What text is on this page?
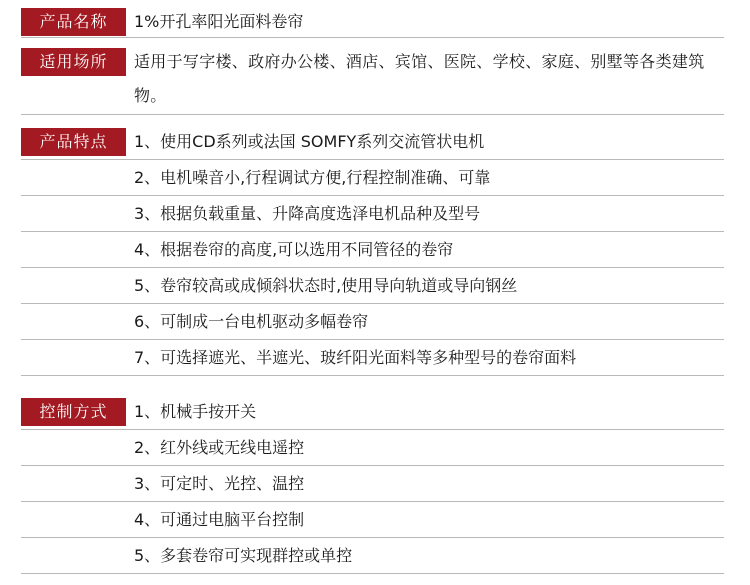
产品名称	1%开孔率阳光面料卷帘
适用场所	适用于写字楼、政府办公楼、酒店、宾馆、医院、学校、家庭、别墅等各类建筑物。
产品特点	1、使用CD系列或法国 SOMFY系列交流管状电机
2、电机噪音小,行程调试方便,行程控制准确、可靠
3、根据负载重量、升降高度选泽电机品种及型号
4、根据卷帘的高度,可以选用不同管径的卷帘
5、卷帘较高或成倾斜状态时,使用导向轨道或导向钢丝
6、可制成一台电机驱动多幅卷帘
7、可选择遮光、半遮光、玻纤阳光面料等多种型号的卷帘面料
控制方式	1、机械手按开关
2、红外线或无线电遥控
3、可定时、光控、温控
4、可通过电脑平台控制
5、多套卷帘可实现群控或单控
